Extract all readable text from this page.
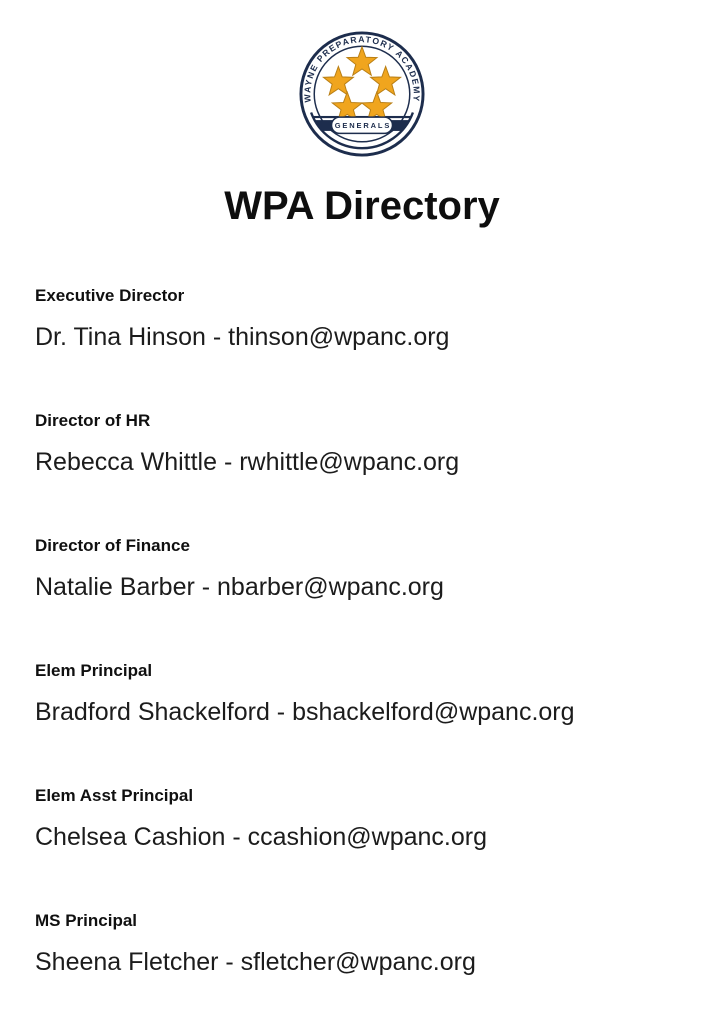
WAYNE PREPARATORY ACADEMY
GENERALS
WPA Directory
Executive Director
Dr. Tina Hinson - thinson@wpanc.org
Director of HR
Rebecca Whittle - rwhittle@wpanc.org
Director of Finance
Natalie Barber - nbarber@wpanc.org
Elem Principal
Bradford Shackelford - bshackelford@wpanc.org
Elem Asst Principal
Chelsea Cashion - ccashion@wpanc.org
MS Principal
Sheena Fletcher - sfletcher@wpanc.org
